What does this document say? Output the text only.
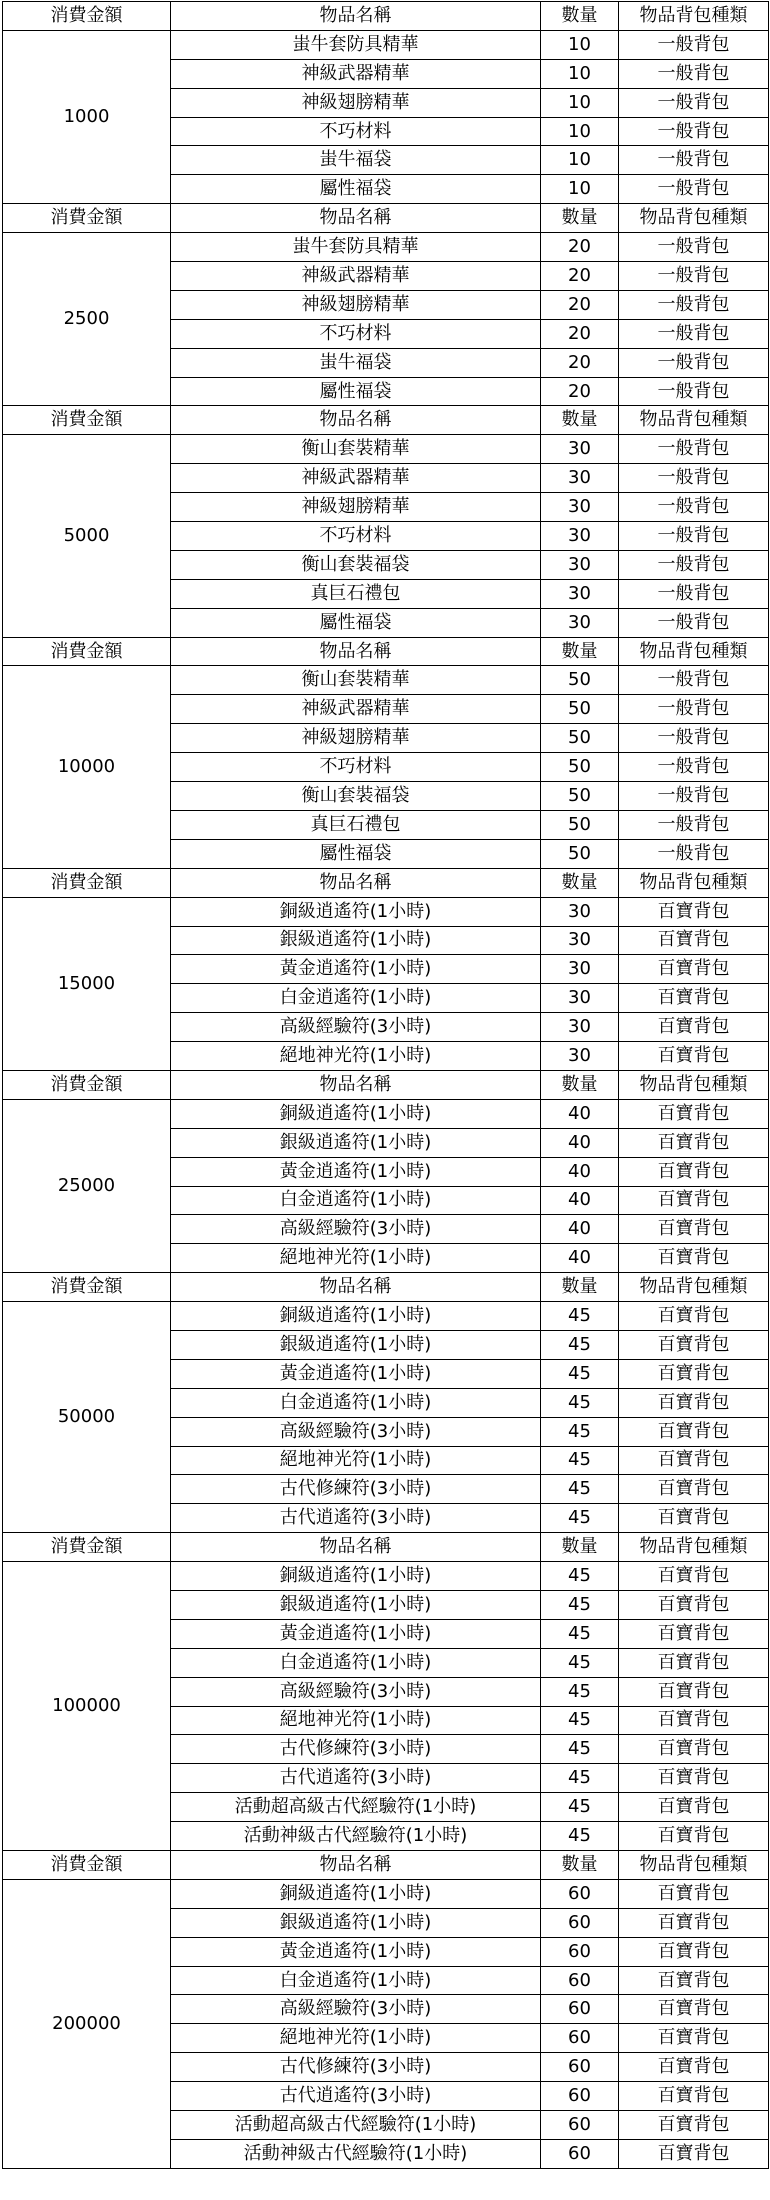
消費金額	物品名稱	數量	物品背包種類
1000	蚩牛套防具精華	10	一般背包
	神級武器精華	10	一般背包
	神級翅膀精華	10	一般背包
	不巧材料	10	一般背包
	蚩牛福袋	10	一般背包
	屬性福袋	10	一般背包
消費金額	物品名稱	數量	物品背包種類
2500	蚩牛套防具精華	20	一般背包
	神級武器精華	20	一般背包
	神級翅膀精華	20	一般背包
	不巧材料	20	一般背包
	蚩牛福袋	20	一般背包
	屬性福袋	20	一般背包
消費金額	物品名稱	數量	物品背包種類
5000	衡山套裝精華	30	一般背包
	神級武器精華	30	一般背包
	神級翅膀精華	30	一般背包
	不巧材料	30	一般背包
	衡山套裝福袋	30	一般背包
	真巨石禮包	30	一般背包
	屬性福袋	30	一般背包
消費金額	物品名稱	數量	物品背包種類
10000	衡山套裝精華	50	一般背包
	神級武器精華	50	一般背包
	神級翅膀精華	50	一般背包
	不巧材料	50	一般背包
	衡山套裝福袋	50	一般背包
	真巨石禮包	50	一般背包
	屬性福袋	50	一般背包
消費金額	物品名稱	數量	物品背包種類
15000	銅級逍遙符(1小時)	30	百寶背包
	銀級逍遙符(1小時)	30	百寶背包
	黃金逍遙符(1小時)	30	百寶背包
	白金逍遙符(1小時)	30	百寶背包
	高級經驗符(3小時)	30	百寶背包
	絕地神光符(1小時)	30	百寶背包
消費金額	物品名稱	數量	物品背包種類
25000	銅級逍遙符(1小時)	40	百寶背包
	銀級逍遙符(1小時)	40	百寶背包
	黃金逍遙符(1小時)	40	百寶背包
	白金逍遙符(1小時)	40	百寶背包
	高級經驗符(3小時)	40	百寶背包
	絕地神光符(1小時)	40	百寶背包
消費金額	物品名稱	數量	物品背包種類
50000	銅級逍遙符(1小時)	45	百寶背包
	銀級逍遙符(1小時)	45	百寶背包
	黃金逍遙符(1小時)	45	百寶背包
	白金逍遙符(1小時)	45	百寶背包
	高級經驗符(3小時)	45	百寶背包
	絕地神光符(1小時)	45	百寶背包
	古代修練符(3小時)	45	百寶背包
	古代逍遙符(3小時)	45	百寶背包
消費金額	物品名稱	數量	物品背包種類
100000	銅級逍遙符(1小時)	45	百寶背包
	銀級逍遙符(1小時)	45	百寶背包
	黃金逍遙符(1小時)	45	百寶背包
	白金逍遙符(1小時)	45	百寶背包
	高級經驗符(3小時)	45	百寶背包
	絕地神光符(1小時)	45	百寶背包
	古代修練符(3小時)	45	百寶背包
	古代逍遙符(3小時)	45	百寶背包
	活動超高級古代經驗符(1小時)	45	百寶背包
	活動神級古代經驗符(1小時)	45	百寶背包
消費金額	物品名稱	數量	物品背包種類
200000	銅級逍遙符(1小時)	60	百寶背包
	銀級逍遙符(1小時)	60	百寶背包
	黃金逍遙符(1小時)	60	百寶背包
	白金逍遙符(1小時)	60	百寶背包
	高級經驗符(3小時)	60	百寶背包
	絕地神光符(1小時)	60	百寶背包
	古代修練符(3小時)	60	百寶背包
	古代逍遙符(3小時)	60	百寶背包
	活動超高級古代經驗符(1小時)	60	百寶背包
	活動神級古代經驗符(1小時)	60	百寶背包
